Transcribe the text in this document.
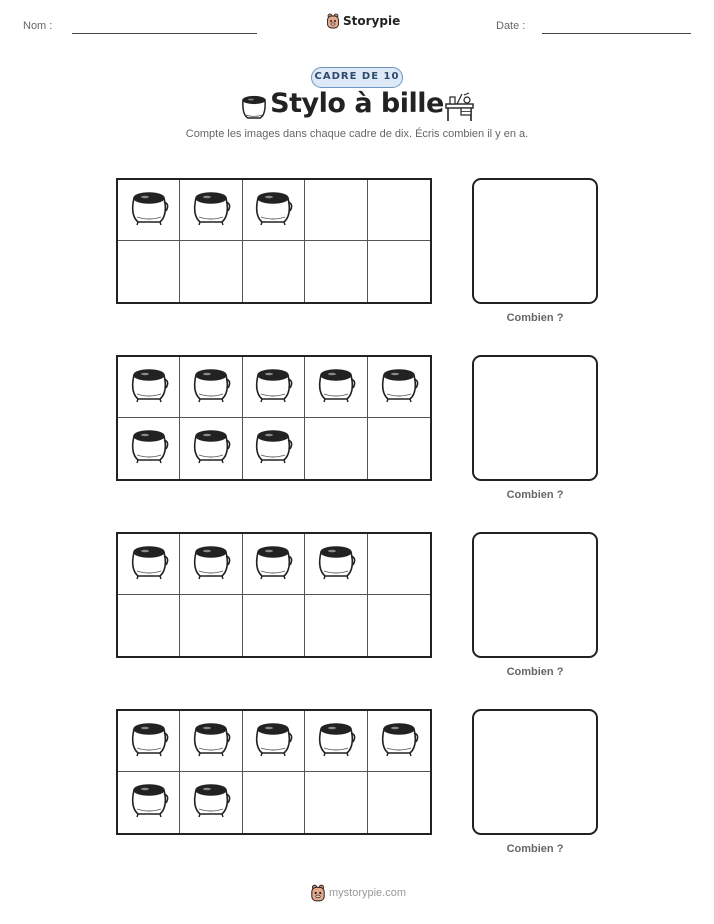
Nom :	Storypie	Date :
CADRE DE 10
Stylo à bille
Compte les images dans chaque cadre de dix. Écris combien il y en a.
Combien ?
Combien ?
Combien ?
Combien ?
mystorypie.com
